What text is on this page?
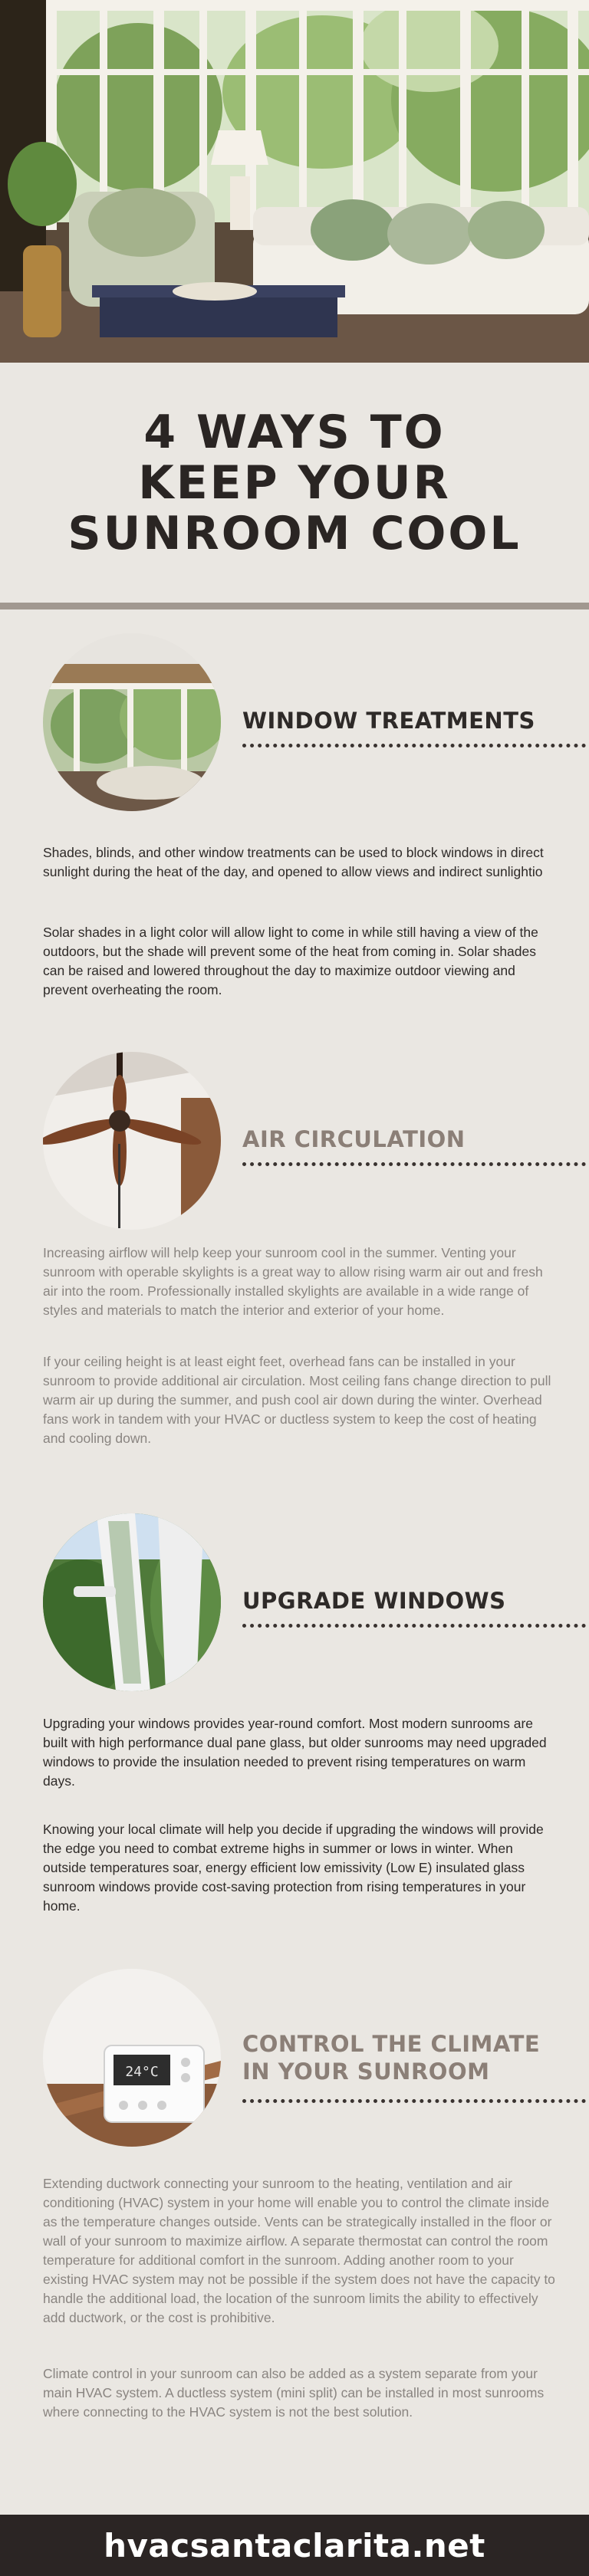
4 WAYS TO
KEEP YOUR
SUNROOM COOL
WINDOW TREATMENTS

Shades, blinds, and other window treatments can be used to block windows in direct sunlight during the heat of the day, and opened to allow views and indirect sunlightio

Solar shades in a light color will allow light to come in while still having a view of the outdoors, but the shade will prevent some of the heat from coming in. Solar shades can be raised and lowered throughout the day to maximize outdoor viewing and prevent overheating the room.

AIR CIRCULATION

Increasing airflow will help keep your sunroom cool in the summer. Venting your sunroom with operable skylights is a great way to allow rising warm air out and fresh air into the room. Professionally installed skylights are available in a wide range of styles and materials to match the interior and exterior of your home.

If your ceiling height is at least eight feet, overhead fans can be installed in your sunroom to provide additional air circulation. Most ceiling fans change direction to pull warm air up during the summer, and push cool air down during the winter. Overhead fans work in tandem with your HVAC or ductless system to keep the cost of heating and cooling down.

UPGRADE WINDOWS

Upgrading your windows provides year-round comfort. Most modern sunrooms are built with high performance dual pane glass, but older sunrooms may need upgraded windows to provide the insulation needed to prevent rising temperatures on warm days.

Knowing your local climate will help you decide if upgrading the windows will provide the edge you need to combat extreme highs in summer or lows in winter. When outside temperatures soar, energy efficient low emissivity (Low E) insulated glass sunroom windows provide cost-saving protection from rising temperatures in your home.

24°C
CONTROL THE CLIMATE
IN YOUR SUNROOM

Extending ductwork connecting your sunroom to the heating, ventilation and air conditioning (HVAC) system in your home will enable you to control the climate inside as the temperature changes outside. Vents can be strategically installed in the floor or wall of your sunroom to maximize airflow. A separate thermostat can control the room temperature for additional comfort in the sunroom. Adding another room to your existing HVAC system may not be possible if the system does not have the capacity to handle the additional load, the location of the sunroom limits the ability to effectively add ductwork, or the cost is prohibitive.

Climate control in your sunroom can also be added as a system separate from your main HVAC system. A ductless system (mini split) can be installed in most sunrooms where connecting to the HVAC system is not the best solution.

hvacsantaclarita.net
